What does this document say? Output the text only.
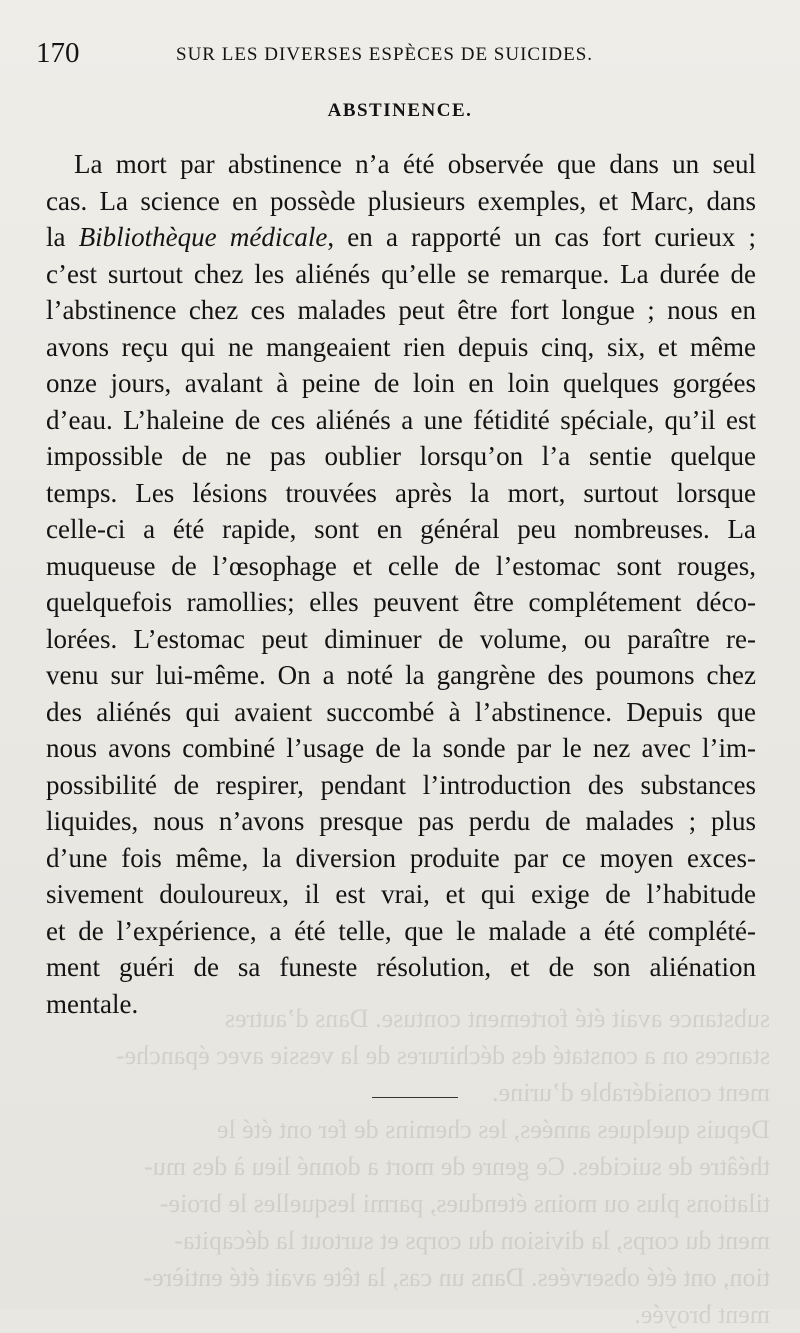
substance avait été fortement contuse. Dans d’autres
stances on a constaté des déchirures de la vessie avec épanche-
ment considérable d’urine.
Depuis quelques années, les chemins de fer ont été le
théâtre de suicides. Ce genre de mort a donné lieu à des mu-
tilations plus ou moins étendues, parmi lesquelles le broie-
ment du corps, la division du corps et surtout la décapita-
tion, ont été observées. Dans un cas, la tête avait été entière-
ment broyée.
170	SUR LES DIVERSES ESPÈCES DE SUICIDES.
ABSTINENCE.
La mort par abstinence n’a été observée que dans un seul
cas. La science en possède plusieurs exemples, et Marc, dans
la Bibliothèque médicale, en a rapporté un cas fort curieux ;
c’est surtout chez les aliénés qu’elle se remarque. La durée de
l’abstinence chez ces malades peut être fort longue ; nous en
avons reçu qui ne mangeaient rien depuis cinq, six, et même
onze jours, avalant à peine de loin en loin quelques gorgées
d’eau. L’haleine de ces aliénés a une fétidité spéciale, qu’il est
impossible de ne pas oublier lorsqu’on l’a sentie quelque
temps. Les lésions trouvées après la mort, surtout lorsque
celle-ci a été rapide, sont en général peu nombreuses. La
muqueuse de l’œsophage et celle de l’estomac sont rouges,
quelquefois ramollies; elles peuvent être complétement déco-
lorées. L’estomac peut diminuer de volume, ou paraître re-
venu sur lui-même. On a noté la gangrène des poumons chez
des aliénés qui avaient succombé à l’abstinence. Depuis que
nous avons combiné l’usage de la sonde par le nez avec l’im-
possibilité de respirer, pendant l’introduction des substances
liquides, nous n’avons presque pas perdu de malades ; plus
d’une fois même, la diversion produite par ce moyen exces-
sivement douloureux, il est vrai, et qui exige de l’habitude
et de l’expérience, a été telle, que le malade a été complété-
ment guéri de sa funeste résolution, et de son aliénation
mentale.
